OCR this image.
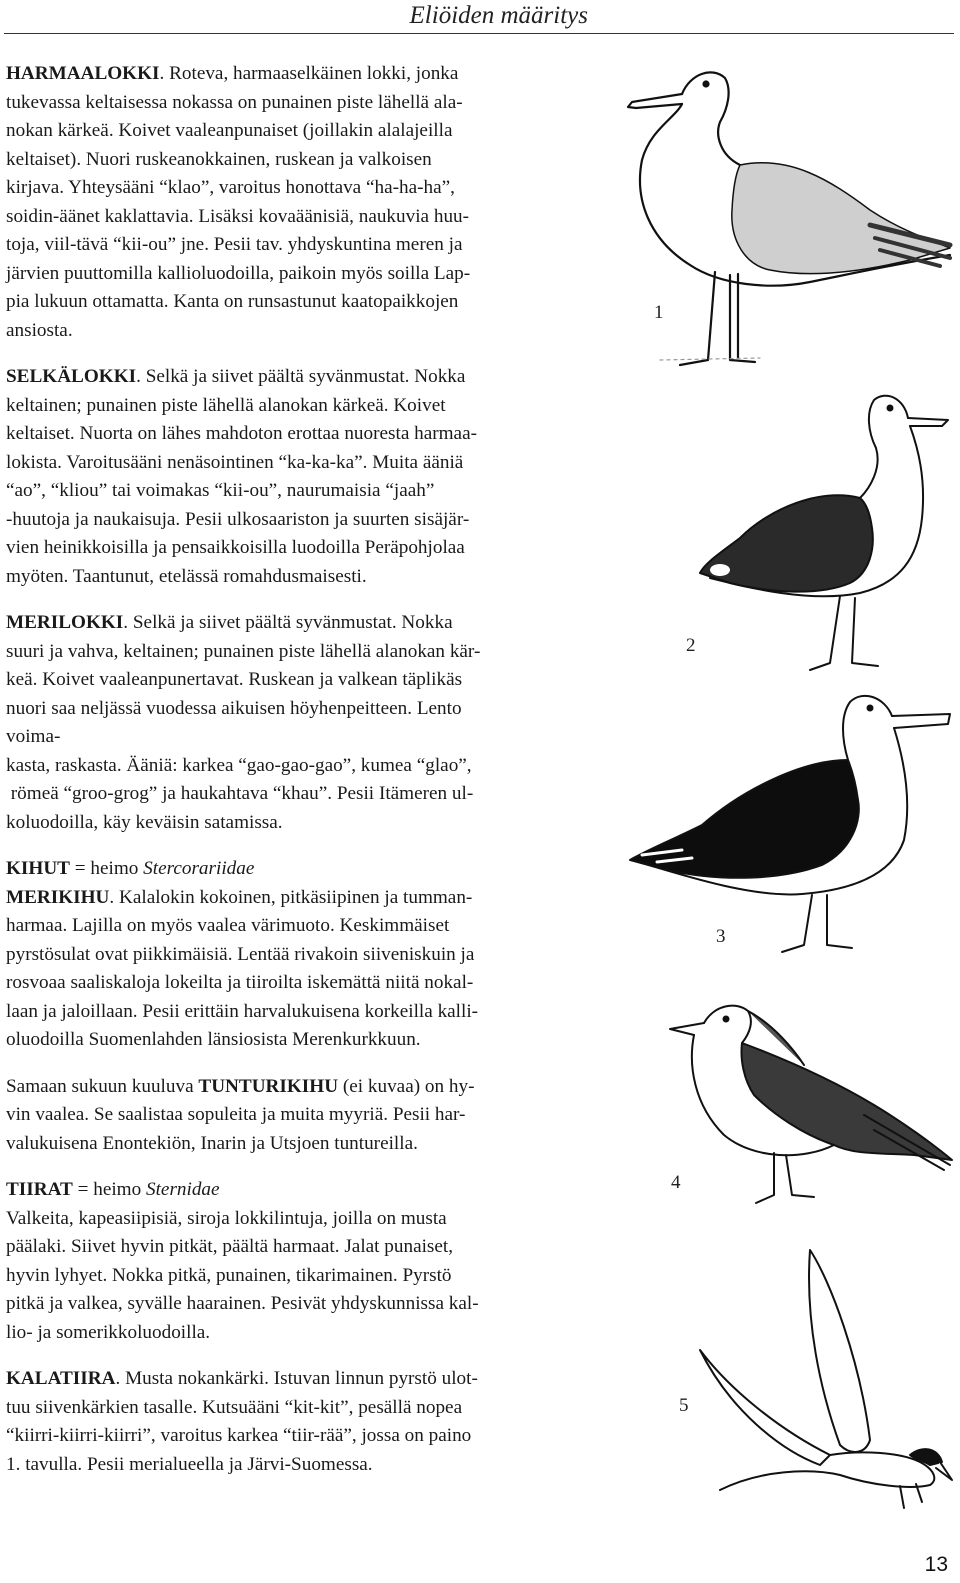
Eliöiden määritys
HARMAALOKKI. Roteva, harmaaselkäinen lokki, jonka
tukevassa keltaisessa nokassa on punainen piste lähellä ala-
nokan kärkeä. Koivet vaaleanpunaiset (joillakin alalajeilla
keltaiset). Nuori ruskeanokkainen, ruskean ja valkoisen
kirjava. Yhteysääni “klao”, varoitus honottava “ha-ha-ha”,
soidin-äänet kaklattavia. Lisäksi kovaäänisiä, naukuvia huu-
toja, viil-tävä “kii-ou” jne. Pesii tav. yhdyskuntina meren ja
järvien puuttomilla kallioluodoilla, paikoin myös soilla Lap-
pia lukuun ottamatta. Kanta on runsastunut kaatopaikkojen
ansiosta.
SELKÄLOKKI. Selkä ja siivet päältä syvänmustat. Nokka
keltainen; punainen piste lähellä alanokan kärkeä. Koivet
keltaiset. Nuorta on lähes mahdoton erottaa nuoresta harmaa-
lokista. Varoitusääni nenäsointinen “ka-ka-ka”. Muita ääniä
“ao”, “kliou” tai voimakas “kii-ou”, naurumaisia “jaah”
-huutoja ja naukaisuja. Pesii ulkosaariston ja suurten sisäjär-
vien heinikkoisilla ja pensaikkoisilla luodoilla Peräpohjolaa
myöten. Taantunut, etelässä romahdusmaisesti.
MERILOKKI. Selkä ja siivet päältä syvänmustat. Nokka
suuri ja vahva, keltainen; punainen piste lähellä alanokan kär-
keä. Koivet vaaleanpunertavat. Ruskean ja valkean täplikäs
nuori saa neljässä vuodessa aikuisen höyhenpeitteen. Lento
voima-
kasta, raskasta. Ääniä: karkea “gao-gao-gao”, kumea “glao”,
römeä “groo-grog” ja haukahtava “khau”. Pesii Itämeren ul-
koluodoilla, käy keväisin satamissa.
KIHUT = heimo Stercorariidae
MERIKIHU. Kalalokin kokoinen, pitkäsiipinen ja tumman-
harmaa. Lajilla on myös vaalea värimuoto. Keskimmäiset
pyrstösulat ovat piikkimäisiä. Lentää rivakoin siiveniskuin ja
rosvoaa saaliskaloja lokeilta ja tiiroilta iskemättä niitä nokal-
laan ja jaloillaan. Pesii erittäin harvalukuisena korkeilla kalli-
oluodoilla Suomenlahden länsiosista Merenkurkkuun.
Samaan sukuun kuuluva TUNTURIKIHU (ei kuvaa) on hy-
vin vaalea. Se saalistaa sopuleita ja muita myyriä. Pesii har-
valukuisena Enontekiön, Inarin ja Utsjoen tuntureilla.
TIIRAT = heimo Sternidae
Valkeita, kapeasiipisiä, siroja lokkilintuja, joilla on musta
päälaki. Siivet hyvin pitkät, päältä harmaat. Jalat punaiset,
hyvin lyhyet. Nokka pitkä, punainen, tikarimainen. Pyrstö
pitkä ja valkea, syvälle haarainen. Pesivät yhdyskunnissa kal-
lio- ja somerikkoluodoilla.
KALATIIRA. Musta nokankärki. Istuvan linnun pyrstö ulot-
tuu siivenkärkien tasalle. Kutsuääni “kit-kit”, pesällä nopea
“kiirri-kiirri-kiirri”, varoitus karkea “tiir-rää”, jossa on paino
1. tavulla. Pesii merialueella ja Järvi-Suomessa.
1
2
3
4
5
13
